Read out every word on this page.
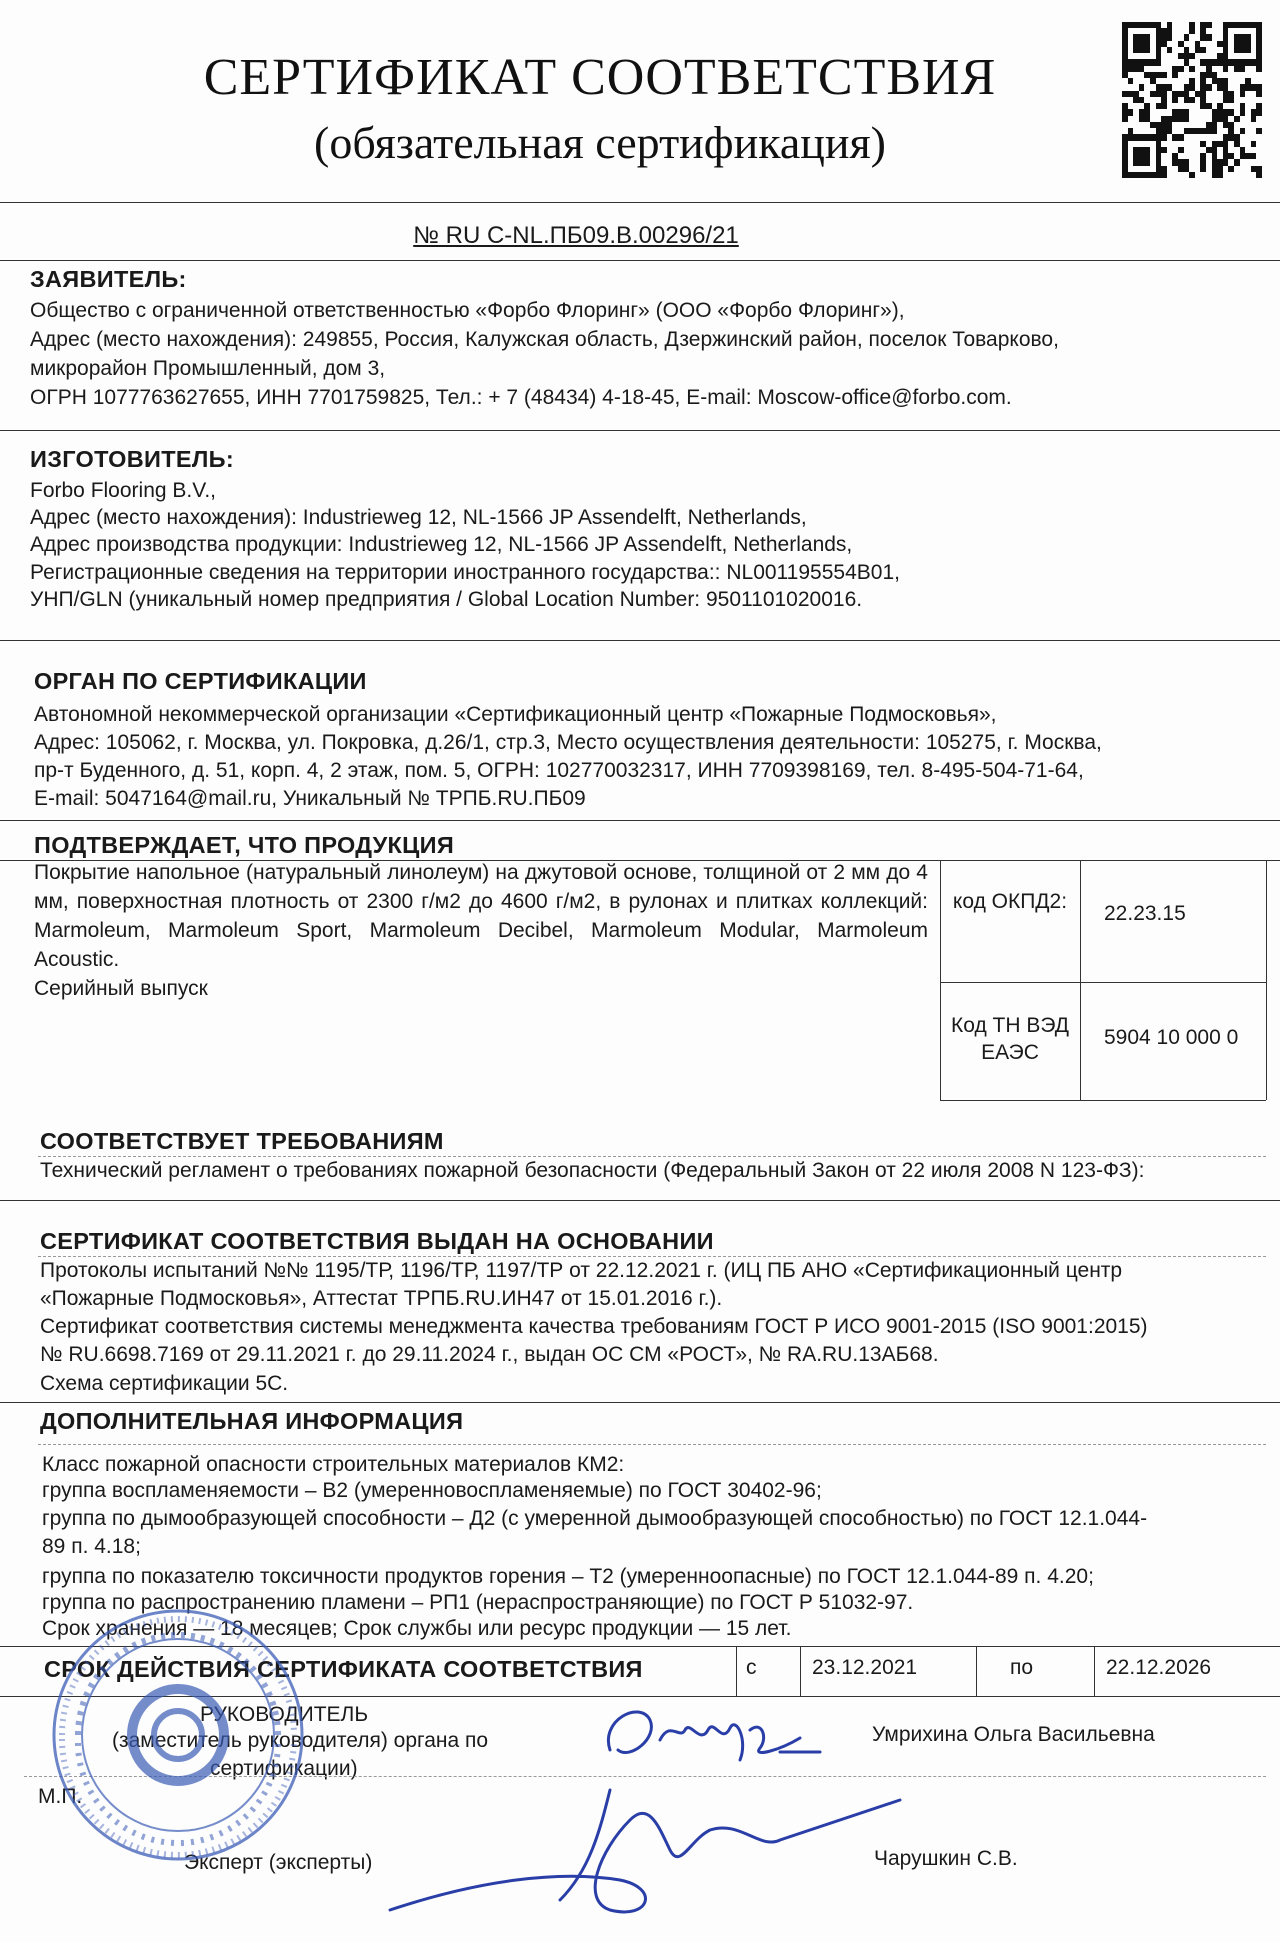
СЕРТИФИКАТ СООТВЕТСТВИЯ
(обязательная сертификация)
№ RU C-NL.ПБ09.В.00296/21
ЗАЯВИТЕЛЬ:
Общество с ограниченной ответственностью «Форбо Флоринг» (ООО «Форбо Флоринг»),
Адрес (место нахождения): 249855, Россия, Калужская область, Дзержинский район, поселок Товарково,
микрорайон Промышленный, дом 3,
ОГРН 1077763627655, ИНН 7701759825, Тел.: + 7 (48434) 4-18-45, E-mail: Moscow-office@forbo.com.
ИЗГОТОВИТЕЛЬ:
Forbo Flooring B.V.,
Адрес (место нахождения): Industrieweg 12, NL-1566 JP Assendelft, Netherlands,
Адрес производства продукции: Industrieweg 12, NL-1566 JP Assendelft, Netherlands,
Регистрационные сведения на территории иностранного государства:: NL001195554B01,
УНП/GLN (уникальный номер предприятия / Global Location Number: 9501101020016.
ОРГАН ПО СЕРТИФИКАЦИИ
Автономной некоммерческой организации «Сертификационный центр «Пожарные Подмосковья»,
Адрес: 105062, г. Москва, ул. Покровка, д.26/1, стр.3, Место осуществления деятельности: 105275, г. Москва,
пр-т Буденного, д. 51, корп. 4, 2 этаж, пом. 5, ОГРН: 102770032317, ИНН 7709398169, тел. 8-495-504-71-64,
E-mail: 5047164@mail.ru, Уникальный № ТРПБ.RU.ПБ09
ПОДТВЕРЖДАЕТ, ЧТО ПРОДУКЦИЯ
Покрытие напольное (натуральный линолеум) на джутовой основе, толщиной от 2 мм до 4 мм, поверхностная плотность от 2300 г/м2 до 4600 г/м2, в рулонах и плитках коллекций: Marmoleum, Marmoleum Sport, Marmoleum Decibel, Marmoleum Modular, Marmoleum Acoustic.
Серийный выпуск
код ОКПД2:
22.23.15
Код ТН ВЭД ЕАЭС
5904 10 000 0
СООТВЕТСТВУЕТ ТРЕБОВАНИЯМ
Технический регламент о требованиях пожарной безопасности (Федеральный Закон от 22 июля 2008 N 123-ФЗ):
СЕРТИФИКАТ СООТВЕТСТВИЯ ВЫДАН НА ОСНОВАНИИ
Протоколы испытаний №№ 1195/ТР, 1196/ТР, 1197/ТР от 22.12.2021 г. (ИЦ ПБ АНО «Сертификационный центр
«Пожарные Подмосковья», Аттестат ТРПБ.RU.ИН47 от 15.01.2016 г.).
Сертификат соответствия системы менеджмента качества требованиям ГОСТ Р ИСО 9001-2015 (ISO 9001:2015)
№ RU.6698.7169 от 29.11.2021 г. до 29.11.2024 г., выдан ОС СМ «РОСТ», № RA.RU.13АБ68.
Схема сертификации 5С.
ДОПОЛНИТЕЛЬНАЯ ИНФОРМАЦИЯ
Класс пожарной опасности строительных материалов КМ2:
группа воспламеняемости – В2 (умеренновоспламеняемые) по ГОСТ 30402-96;
группа по дымообразующей способности – Д2 (с умеренной дымообразующей способностью) по ГОСТ 12.1.044-
89 п. 4.18;
группа по показателю токсичности продуктов горения – Т2 (умеренноопасные) по ГОСТ 12.1.044-89 п. 4.20;
группа по распространению пламени – РП1 (нераспространяющие) по ГОСТ Р 51032-97.
Срок хранения — 18 месяцев; Срок службы или ресурс продукции — 15 лет.
СРОК ДЕЙСТВИЯ СЕРТИФИКАТА СООТВЕТСТВИЯ	с	23.12.2021	по	22.12.2026
РУКОВОДИТЕЛЬ
(заместитель руководителя) органа по
сертификации)
Умрихина Ольга Васильевна
М.П.
Эксперт (эксперты)	Чарушкин С.В.
